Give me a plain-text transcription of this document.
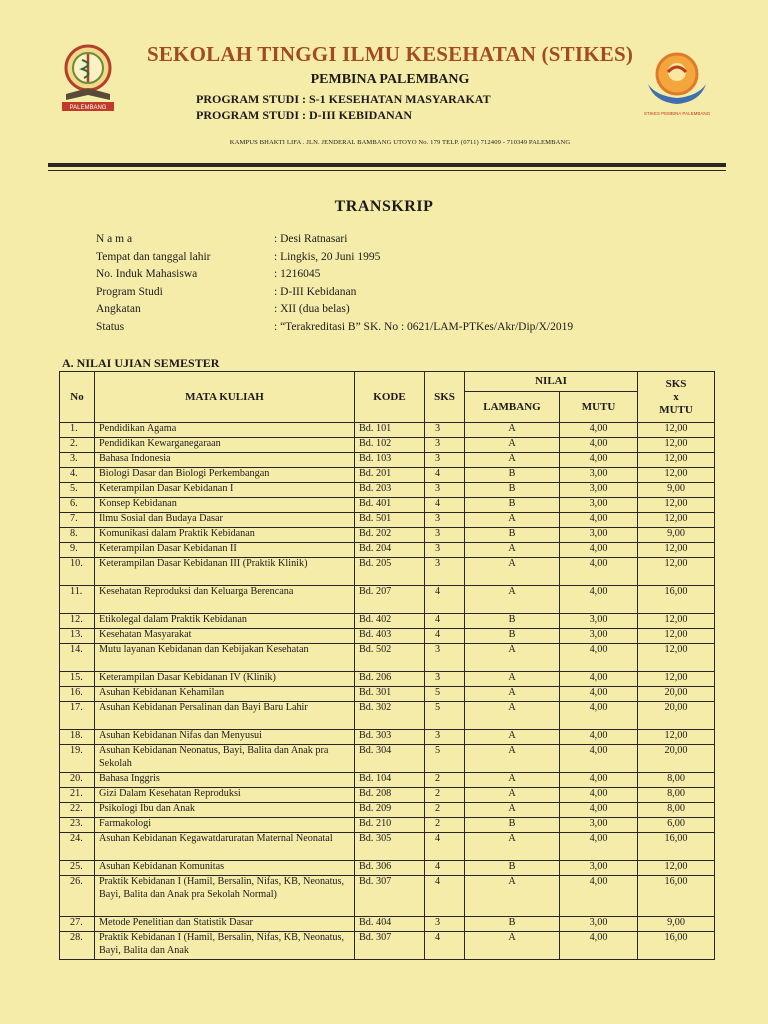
PALEMBANG
STIKES PEMBINA PALEMBANG
SEKOLAH TINGGI ILMU KESEHATAN (STIKES)
PEMBINA PALEMBANG
PROGRAM STUDI : S-1 KESEHATAN MASYARAKAT
PROGRAM STUDI : D-III KEBIDANAN
KAMPUS BHAKTI LIFA . JLN. JENDERAL BAMBANG UTOYO No. 179 TELP. (0711) 712409 - 710349 PALEMBANG
TRANSKRIP
N a m a	: Desi Ratnasari
Tempat dan tanggal lahir	: Lingkis, 20 Juni 1995
No. Induk Mahasiswa	: 1216045
Program Studi	: D-III Kebidanan
Angkatan	: XII (dua belas)
Status	: “Terakreditasi B” SK. No : 0621/LAM-PTKes/Akr/Dip/X/2019
A. NILAI UJIAN SEMESTER
No	MATA KULIAH	KODE	SKS	NILAI		SKS
x
MUTU

				LAMBANG	MUTU	
1.	Pendidikan Agama	Bd. 101	3	A	4,00	12,00
2.	Pendidikan Kewarganegaraan	Bd. 102	3	A	4,00	12,00
3.	Bahasa Indonesia	Bd. 103	3	A	4,00	12,00
4.	Biologi Dasar dan Biologi Perkembangan	Bd. 201	4	B	3,00	12,00
5.	Keterampilan Dasar Kebidanan I	Bd. 203	3	B	3,00	9,00
6.	Konsep Kebidanan	Bd. 401	4	B	3,00	12,00
7.	Ilmu Sosial dan Budaya Dasar	Bd. 501	3	A	4,00	12,00
8.	Komunikasi dalam Praktik Kebidanan	Bd. 202	3	B	3,00	9,00
9.	Keterampilan Dasar Kebidanan II	Bd. 204	3	A	4,00	12,00
10.	Keterampilan Dasar Kebidanan III (Praktik Klinik)	Bd. 205	3	A	4,00	12,00
11.	Kesehatan Reproduksi dan Keluarga Berencana	Bd. 207	4	A	4,00	16,00
12.	Etikolegal dalam Praktik Kebidanan	Bd. 402	4	B	3,00	12,00
13.	Kesehatan Masyarakat	Bd. 403	4	B	3,00	12,00
14.	Mutu layanan Kebidanan dan Kebijakan Kesehatan	Bd. 502	3	A	4,00	12,00
15.	Keterampilan Dasar Kebidanan IV (Klinik)	Bd. 206	3	A	4,00	12,00
16.	Asuhan Kebidanan Kehamilan	Bd. 301	5	A	4,00	20,00
17.	Asuhan Kebidanan Persalinan dan Bayi Baru Lahir	Bd. 302	5	A	4,00	20,00
18.	Asuhan Kebidanan Nifas dan Menyusui	Bd. 303	3	A	4,00	12,00
19.	Asuhan Kebidanan Neonatus, Bayi, Balita dan Anak pra Sekolah	Bd. 304	5	A	4,00	20,00
20.	Bahasa Inggris	Bd. 104	2	A	4,00	8,00
21.	Gizi Dalam Kesehatan Reproduksi	Bd. 208	2	A	4,00	8,00
22.	Psikologi Ibu dan Anak	Bd. 209	2	A	4,00	8,00
23.	Farmakologi	Bd. 210	2	B	3,00	6,00
24.	Asuhan Kebidanan Kegawatdaruratan Maternal Neonatal	Bd. 305	4	A	4,00	16,00
25.	Asuhan Kebidanan Komunitas	Bd. 306	4	B	3,00	12,00
26.	Praktik Kebidanan I (Hamil, Bersalin, Nifas, KB, Neonatus, Bayi, Balita dan Anak pra Sekolah Normal)	Bd. 307	4	A	4,00	16,00
27.	Metode Penelitian dan Statistik Dasar	Bd. 404	3	B	3,00	9,00
28.	Praktik Kebidanan I (Hamil, Bersalin, Nifas, KB, Neonatus, Bayi, Balita dan Anak	Bd. 307	4	A	4,00	16,00
